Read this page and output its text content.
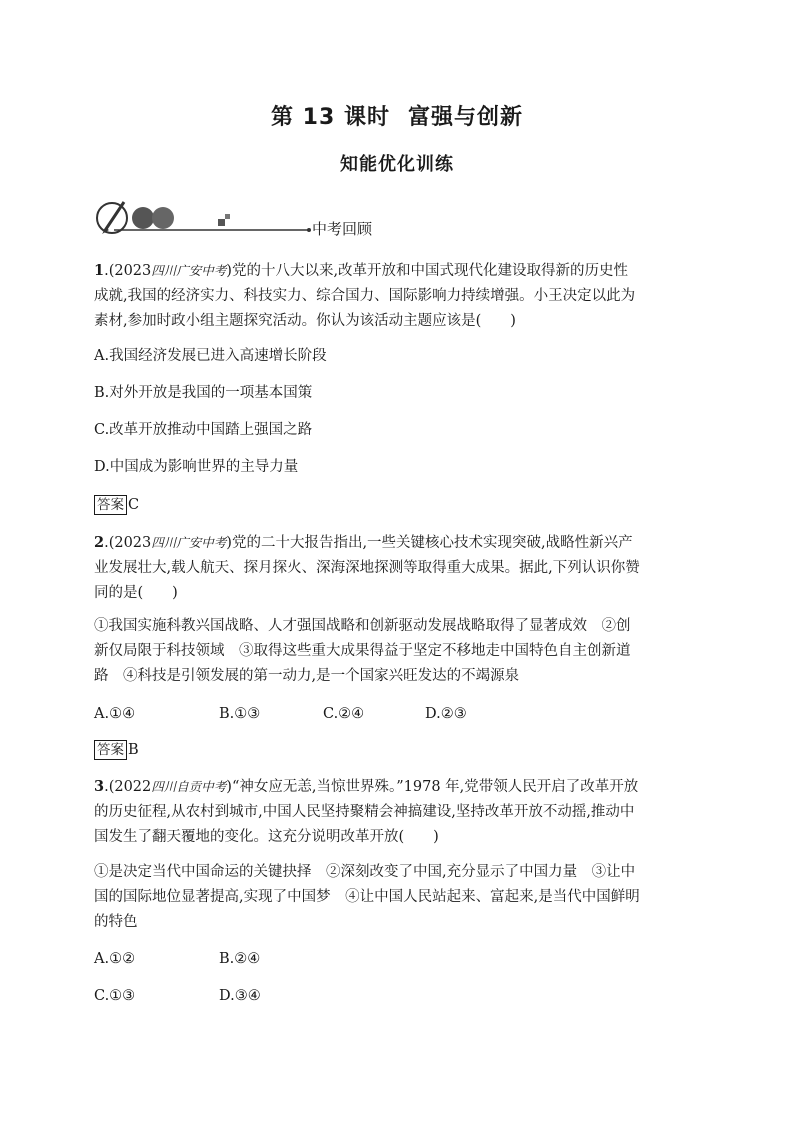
第 13 课时 富强与创新
知能优化训练
中考回顾
1.(2023四川广安中考)党的十八大以来,改革开放和中国式现代化建设取得新的历史性
成就,我国的经济实力、科技实力、综合国力、国际影响力持续增强。小王决定以此为
素材,参加时政小组主题探究活动。你认为该活动主题应该是(　　)
A.我国经济发展已进入高速增长阶段
B.对外开放是我国的一项基本国策
C.改革开放推动中国踏上强国之路
D.中国成为影响世界的主导力量
答案 C
2.(2023四川广安中考)党的二十大报告指出,一些关键核心技术实现突破,战略性新兴产
业发展壮大,载人航天、探月探火、深海深地探测等取得重大成果。据此,下列认识你赞
同的是(　　)
①我国实施科教兴国战略、人才强国战略和创新驱动发展战略取得了显著成效　②创
新仅局限于科技领域　③取得这些重大成果得益于坚定不移地走中国特色自主创新道
路　④科技是引领发展的第一动力,是一个国家兴旺发达的不竭源泉
A.①④	B.①③	C.②④	D.②③
答案 B
3.(2022四川自贡中考)“神女应无恙,当惊世界殊。”1978 年,党带领人民开启了改革开放
的历史征程,从农村到城市,中国人民坚持聚精会神搞建设,坚持改革开放不动摇,推动中
国发生了翻天覆地的变化。这充分说明改革开放(　　)
①是决定当代中国命运的关键抉择　②深刻改变了中国,充分显示了中国力量　③让中
国的国际地位显著提高,实现了中国梦　④让中国人民站起来、富起来,是当代中国鲜明
的特色
A.①②	B.②④
C.①③	D.③④
